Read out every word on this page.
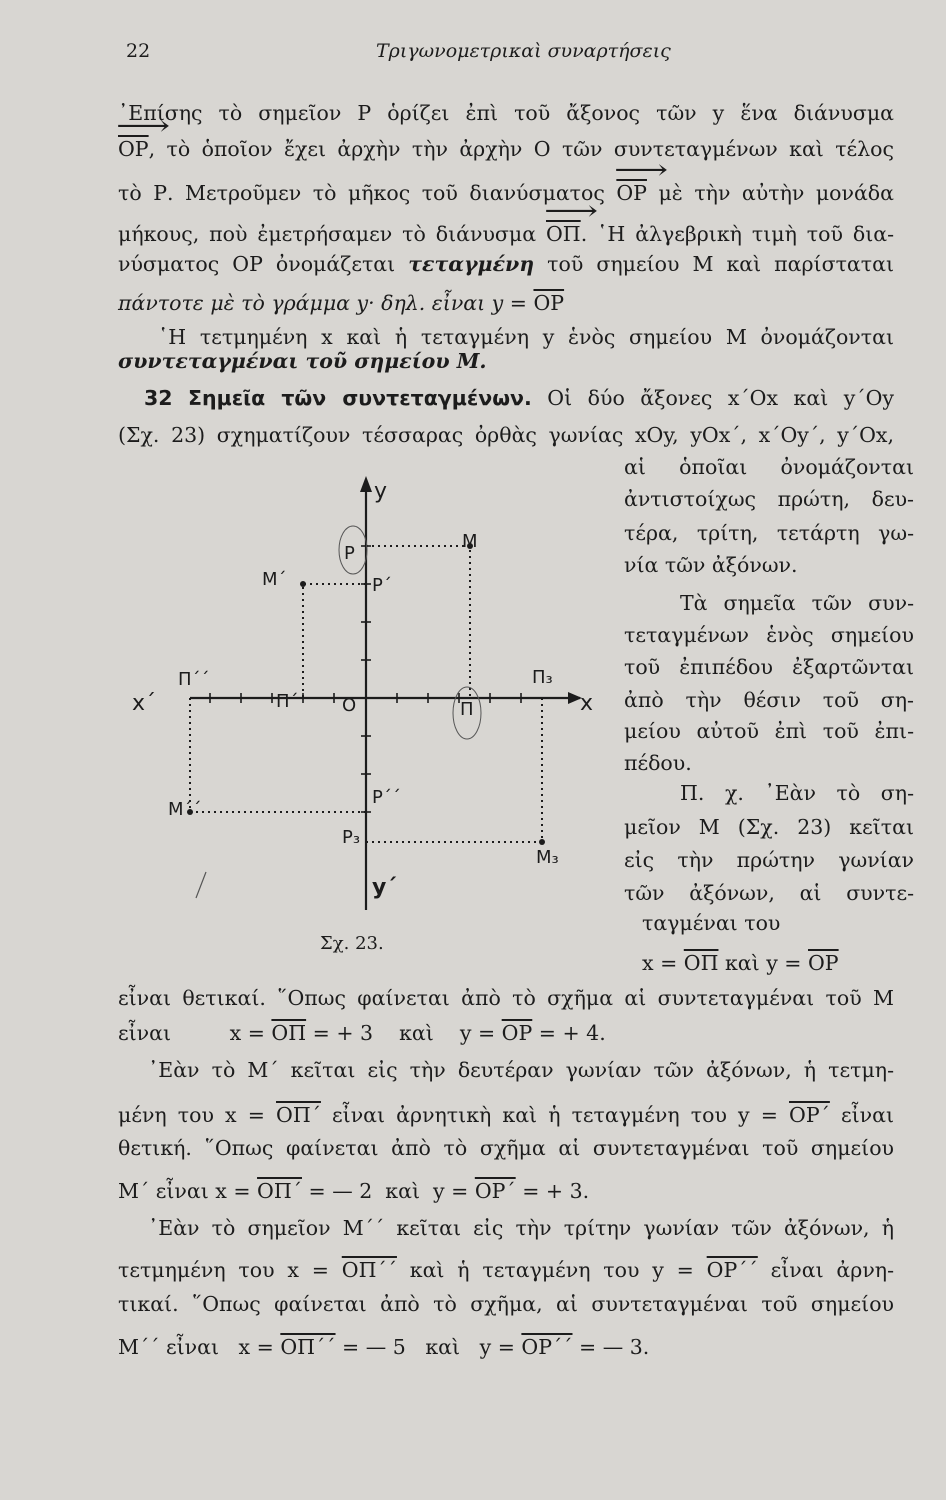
22	Τριγωνομετρικαὶ συναρτήσεις
᾽Επίσης τὸ σημεῖον Ρ ὁρίζει ἐπὶ τοῦ ἄξονος τῶν y ἕνα διάνυσμα
⟶ $\overline{OP}$, τὸ ὁποῖον ἔχει ἀρχὴν τὴν ἀρχὴν Ο τῶν συντεταγμένων καὶ τέλος
τὸ Ρ. Μετροῦμεν τὸ μῆκος τοῦ διανύσματος ⟶ $\overline{OP}$ μὲ τὴν αὐτὴν μονάδα
μήκους, ποὺ ἐμετρήσαμεν τὸ διάνυσμα ⟶ $\overline{O\Pi}$. ῾Η ἀλγεβρικὴ τιμὴ τοῦ δια-
νύσματος ΟΡ ὀνομάζεται τεταγμένη τοῦ σημείου Μ καὶ παρίσταται
πάντοτε μὲ τὸ γράμμα y· δηλ. εἶναι $y = \overline{OP}$
῾Η τετμημένη x καὶ ἡ τεταγμένη y ἑνὸς σημείου Μ ὀνομάζονται
συντεταγμέναι τοῦ σημείου Μ.
32 Σημεῖα τῶν συντεταγμένων. Οἱ δύο ἄξονες x΄Ox καὶ y΄Oy
(Σχ. 23) σχηματίζουν τέσσαρας ὀρθὰς γωνίας xOy, yOx΄, x΄Oy΄, y΄Ox,
αἱ ὁποῖαι ὀνομάζονται
ἀντιστοίχως πρώτη, δευ-
τέρα, τρίτη, τετάρτη γω-
νία τῶν ἀξόνων.
Τὰ σημεῖα τῶν συν-
τεταγμένων ἑνὸς σημείου
τοῦ ἐπιπέδου ἐξαρτῶνται
ἀπὸ τὴν θέσιν τοῦ ση-
μείου αὐτοῦ ἐπὶ τοῦ ἐπι-
πέδου.
Π. χ. ᾽Εὰν τὸ ση-
μεῖον Μ (Σχ. 23) κεῖται
εἰς τὴν πρώτην γωνίαν
τῶν ἀξόνων, αἱ συντε-
ταγμέναι του
$x = \overline{O\Pi}$ καὶ $y = \overline{OP}$
εἶναι θετικαί. ῞Οπως φαίνεται ἀπὸ τὸ σχῆμα αἱ συντεταγμέναι τοῦ Μ
εἶναι         $x = \overline{O\Pi}$ = + 3    καὶ    $y = \overline{OP}$ = + 4.
᾽Εὰν τὸ Μ΄ κεῖται εἰς τὴν δευτέραν γωνίαν τῶν ἀξόνων, ἡ τετμη-
μένη του $x = \overline{O\Pi΄}$ εἶναι ἀρνητικὴ καὶ ἡ τεταγμένη του $y = \overline{OP΄}$ εἶναι
θετική. ῞Οπως φαίνεται ἀπὸ τὸ σχῆμα αἱ συντεταγμέναι τοῦ σημείου
Μ΄ εἶναι $x = \overline{O\Pi΄}$ = — 2  καὶ  $y = \overline{OP΄}$ = + 3.
᾽Εὰν τὸ σημεῖον Μ΄΄ κεῖται εἰς τὴν τρίτην γωνίαν τῶν ἀξόνων, ἡ
τετμημένη του x = ΟΠ΄΄ καὶ ἡ τεταγμένη του y = ΟΡ΄΄ εἶναι ἀρνη-
τικαί. ῞Οπως φαίνεται ἀπὸ τὸ σχῆμα, αἱ συντεταγμέναι τοῦ σημείου
Μ΄΄ εἶναι   x = ΟΠ΄΄ = — 5   καὶ   y = ΟΡ΄΄ = — 3.
y
y΄
x
x΄	O
M
M΄
M΄΄
M₃
P
P΄
P΄΄
P₃
Π
Π΄
Π΄΄	Π₃
Σχ. 23.
